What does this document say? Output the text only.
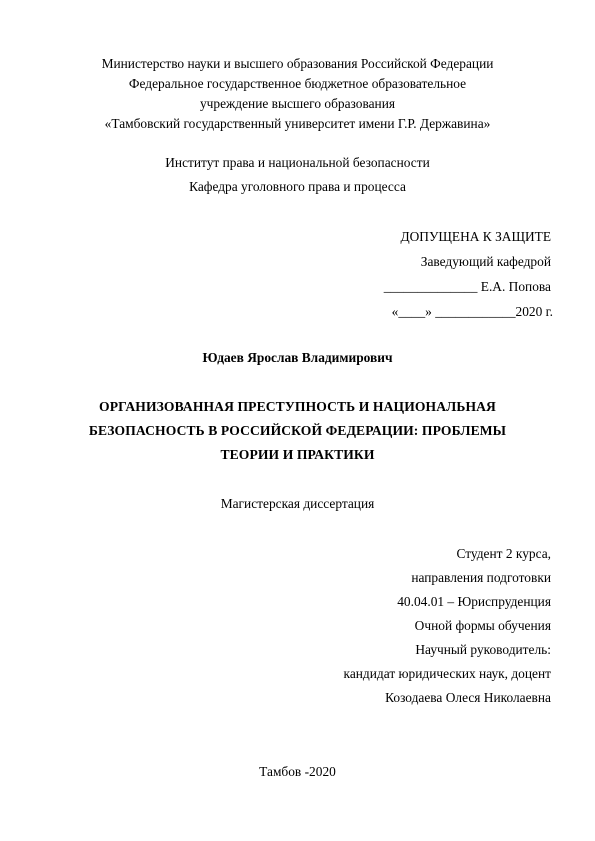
Министерство науки и высшего образования Российской Федерации
Федеральное государственное бюджетное образовательное
учреждение высшего образования
«Тамбовский государственный университет имени Г.Р. Державина»
Институт права и национальной безопасности
Кафедра уголовного права и процесса
ДОПУЩЕНА К ЗАЩИТЕ
Заведующий кафедрой
______________ Е.А. Попова
«____» ____________2020 г.
Юдаев Ярослав Владимирович
ОРГАНИЗОВАННАЯ ПРЕСТУПНОСТЬ И НАЦИОНАЛЬНАЯ
БЕЗОПАСНОСТЬ В РОССИЙСКОЙ ФЕДЕРАЦИИ: ПРОБЛЕМЫ
ТЕОРИИ И ПРАКТИКИ
Магистерская диссертация
Студент 2 курса,
направления подготовки
40.04.01 – Юриспруденция
Очной формы обучения
Научный руководитель:
кандидат юридических наук, доцент
Козодаева Олеся Николаевна
Тамбов -2020
